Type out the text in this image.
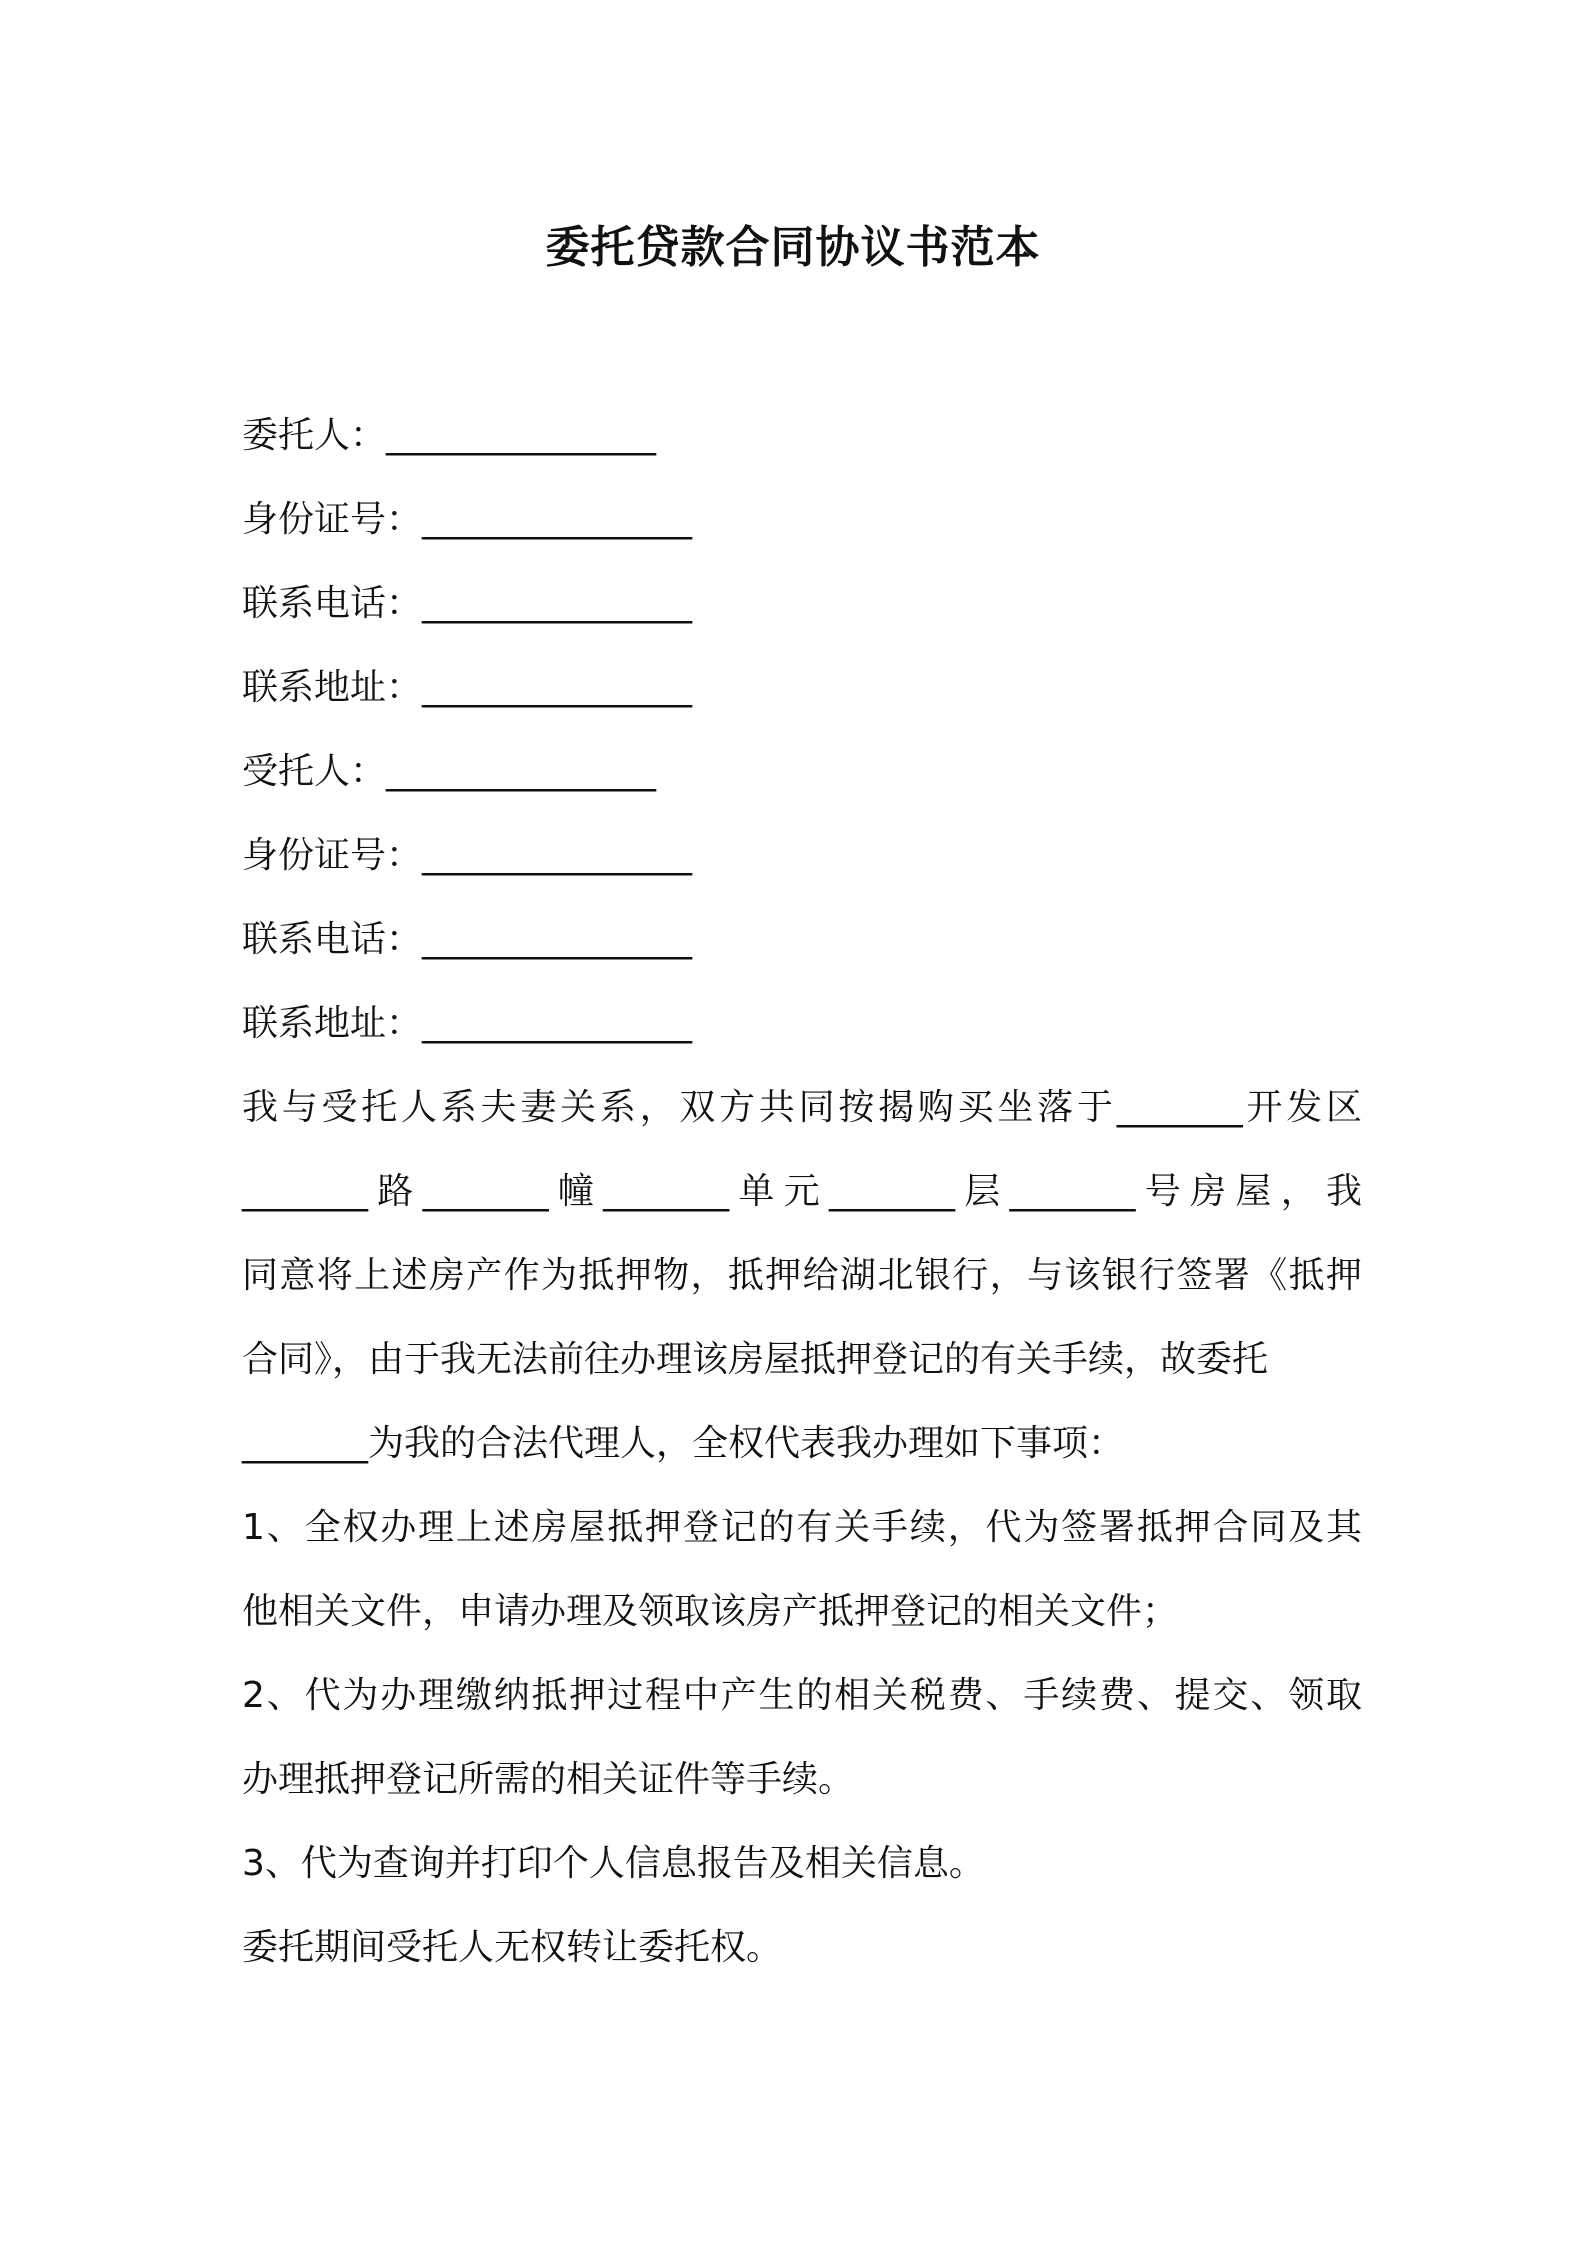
委托贷款合同协议书范本
委托人：_______________
身份证号：_______________
联系电话：_______________
联系地址：_______________
受托人：_______________
身份证号：_______________
联系电话：_______________
联系地址：_______________
我与受托人系夫妻关系，双方共同按揭购买坐落于_______开发区
_______路_______幢_______单元_______层_______号房屋，我
同意将上述房产作为抵押物，抵押给湖北银行，与该银行签署《抵押
合同》，由于我无法前往办理该房屋抵押登记的有关手续，故委托
_______为我的合法代理人，全权代表我办理如下事项：
1、全权办理上述房屋抵押登记的有关手续，代为签署抵押合同及其
他相关文件，申请办理及领取该房产抵押登记的相关文件；
2、代为办理缴纳抵押过程中产生的相关税费、手续费、提交、领取
办理抵押登记所需的相关证件等手续。
3、代为查询并打印个人信息报告及相关信息。
委托期间受托人无权转让委托权。
